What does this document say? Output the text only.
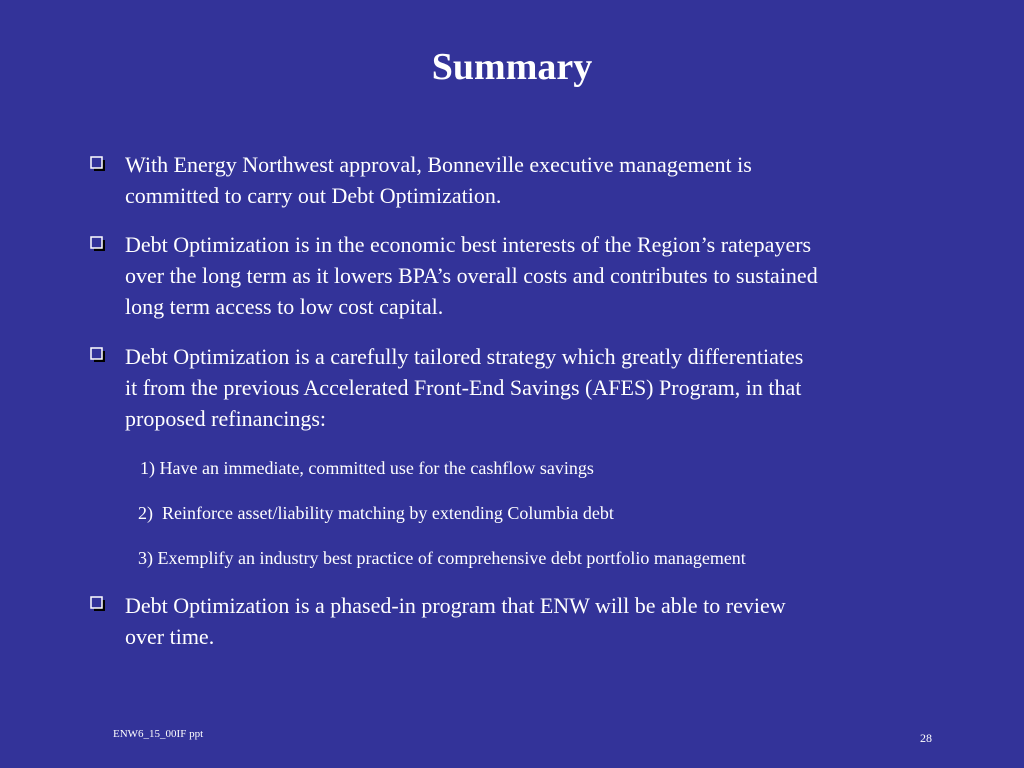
Summary
With Energy Northwest approval, Bonneville executive management is
committed to carry out Debt Optimization.
Debt Optimization is in the economic best interests of the Region’s ratepayers
over the long term as it lowers BPA’s overall costs and contributes to sustained
long term access to low cost capital.
Debt Optimization is a carefully tailored strategy which greatly differentiates
it from the previous Accelerated Front-End Savings (AFES) Program, in that
proposed refinancings:
1) Have an immediate, committed use for the cashflow savings
2)  Reinforce asset/liability matching by extending Columbia debt
3) Exemplify an industry best practice of comprehensive debt portfolio management
Debt Optimization is a phased-in program that ENW will be able to review
over time.
ENW6_15_00IF ppt	28
